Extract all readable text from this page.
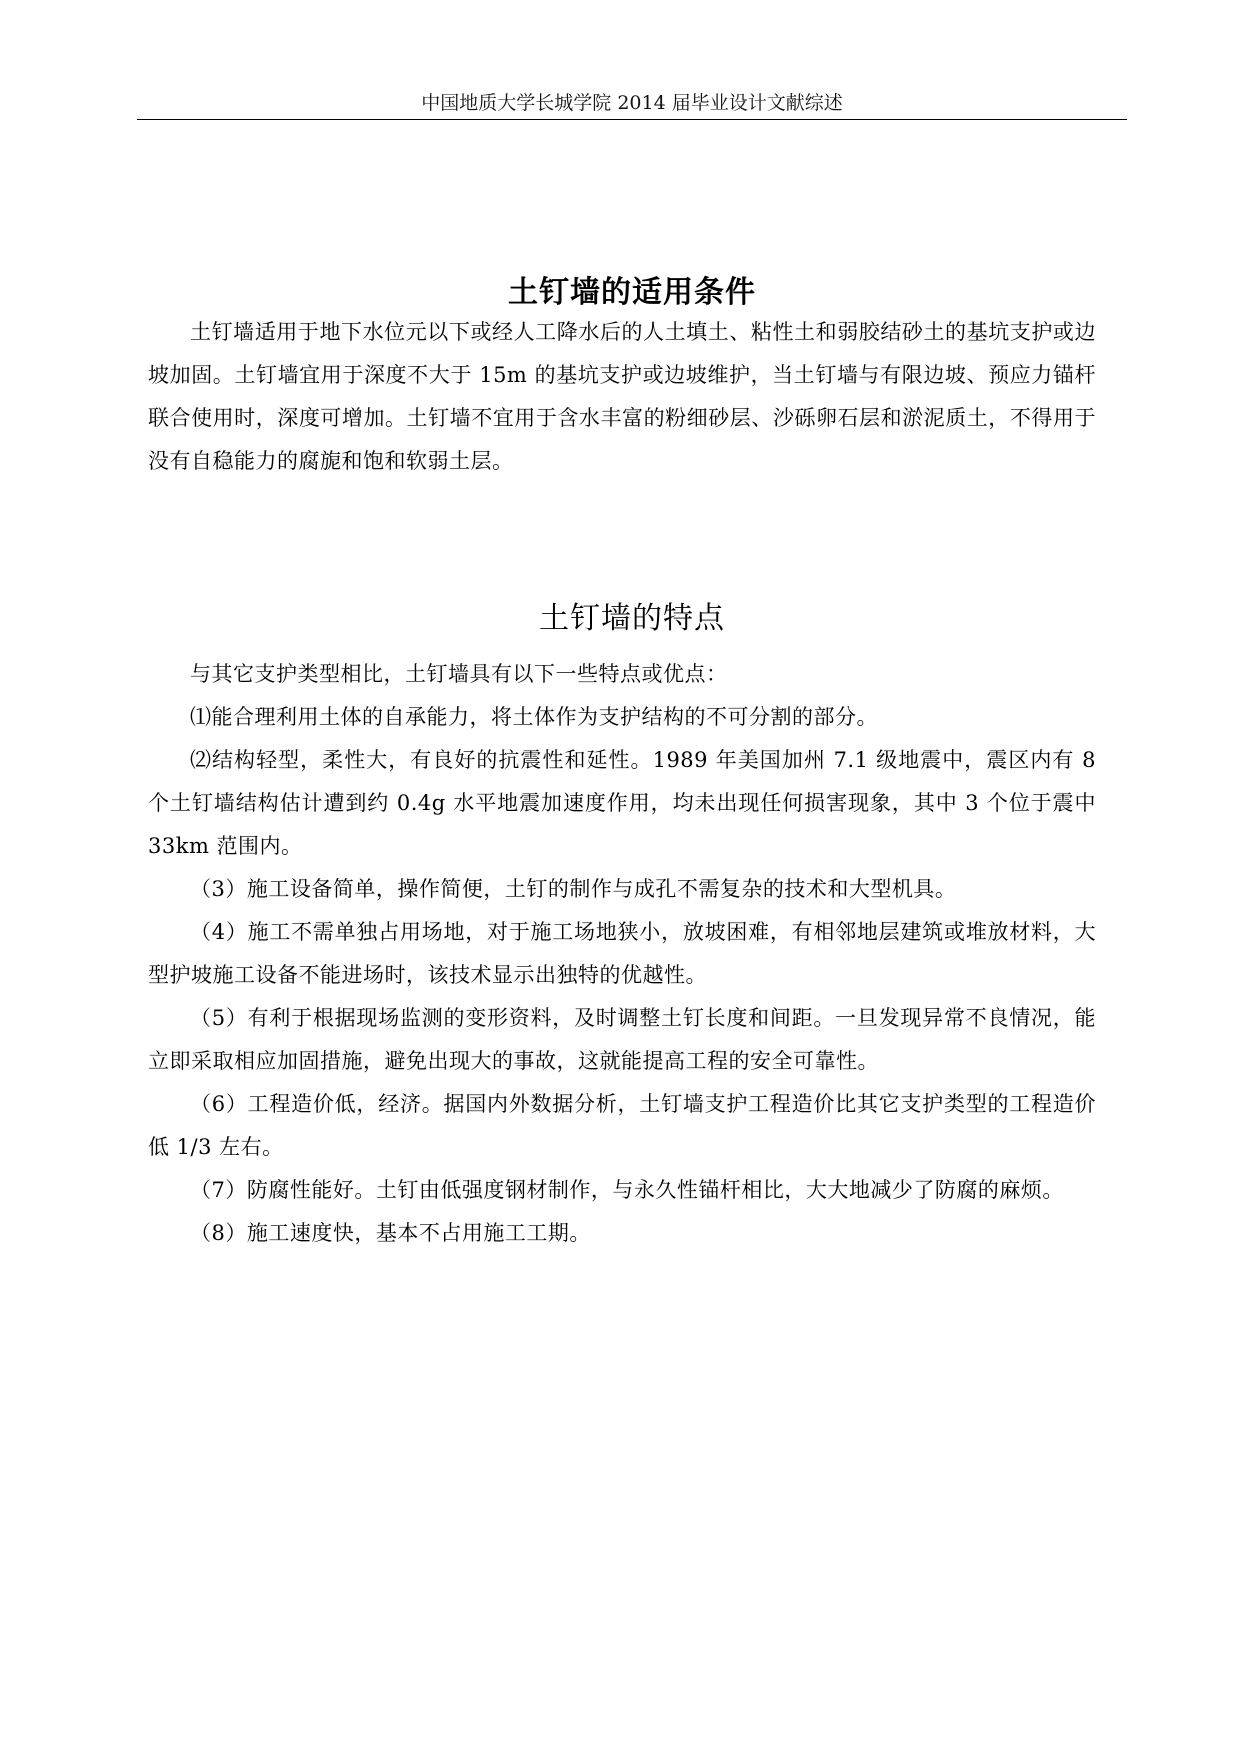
中国地质大学长城学院 2014 届毕业设计文献综述
土钉墙的适用条件

土钉墙适用于地下水位元以下或经人工降水后的人土填土、粘性土和弱胶结砂土的基坑支护或边坡加固。土钉墙宜用于深度不大于 15m 的基坑支护或边坡维护，当土钉墙与有限边坡、预应力锚杆联合使用时，深度可增加。土钉墙不宜用于含水丰富的粉细砂层、沙砾卵石层和淤泥质土，不得用于没有自稳能力的腐旎和饱和软弱土层。

土钉墙的特点

与其它支护类型相比，土钉墙具有以下一些特点或优点：

⑴能合理利用土体的自承能力，将土体作为支护结构的不可分割的部分。
⑵结构轻型，柔性大，有良好的抗震性和延性。1989 年美国加州 7.1 级地震中，震区内有 8 个土钉墙结构估计遭到约 0.4g 水平地震加速度作用，均未出现任何损害现象，其中 3 个位于震中 33km 范围内。
（3）施工设备简单，操作简便，土钉的制作与成孔不需复杂的技术和大型机具。
（4）施工不需单独占用场地，对于施工场地狭小，放坡困难，有相邻地层建筑或堆放材料，大型护坡施工设备不能进场时，该技术显示出独特的优越性。
（5）有利于根据现场监测的变形资料，及时调整土钉长度和间距。一旦发现异常不良情况，能立即采取相应加固措施，避免出现大的事故，这就能提高工程的安全可靠性。
（6）工程造价低，经济。据国内外数据分析，土钉墙支护工程造价比其它支护类型的工程造价低 1/3 左右。
（7）防腐性能好。土钉由低强度钢材制作，与永久性锚杆相比，大大地减少了防腐的麻烦。
（8）施工速度快，基本不占用施工工期。
